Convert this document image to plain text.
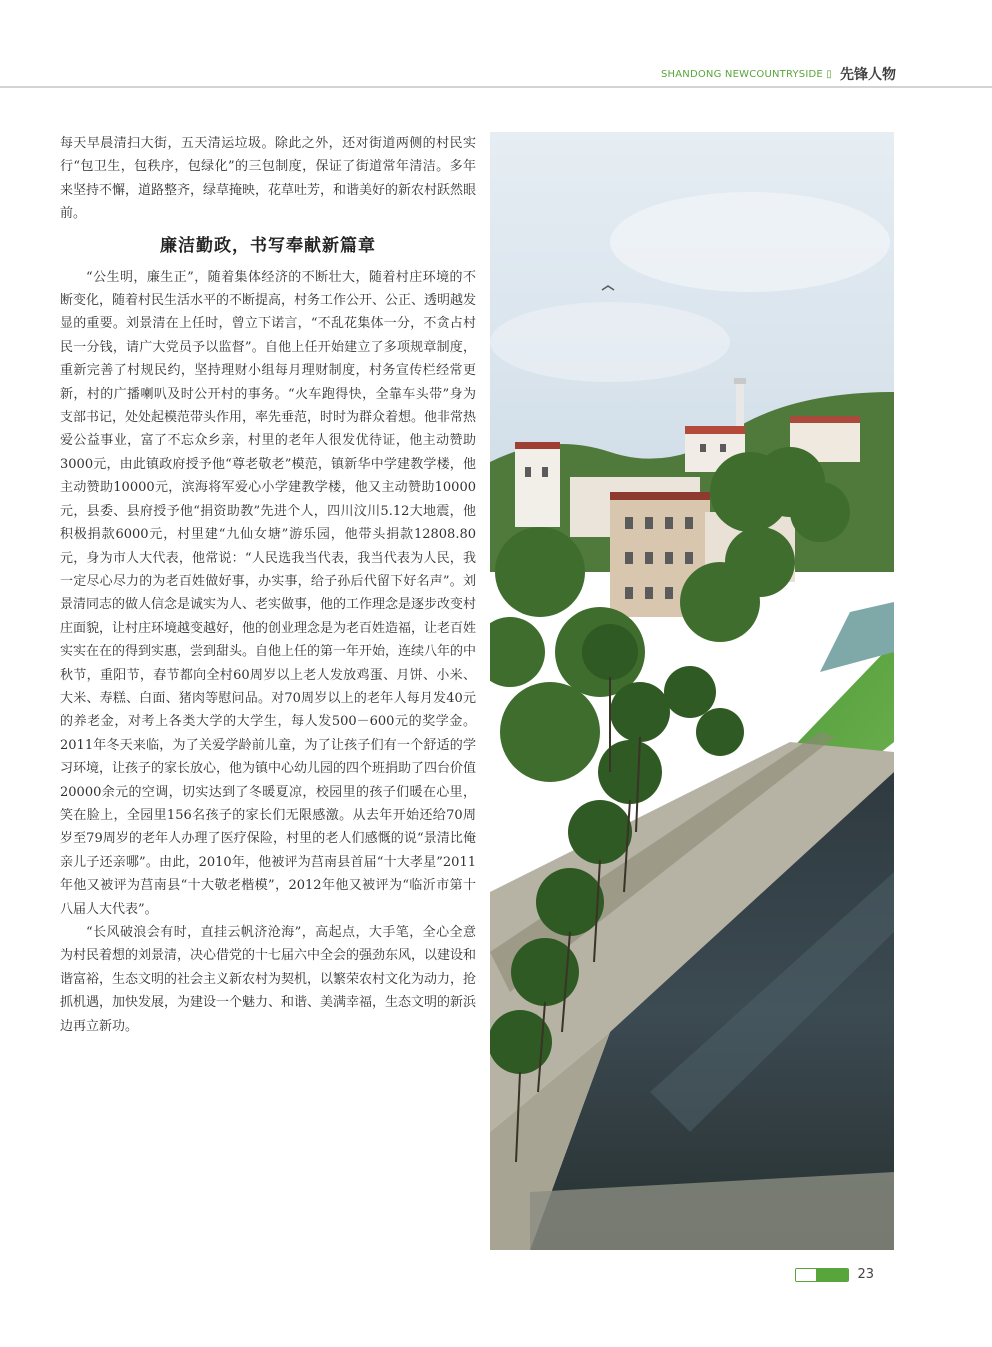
SHANDONG NEWCOUNTRYSIDE ▯ 先锋人物

每天早晨清扫大街，五天清运垃圾。除此之外，还对街道两侧的村民实行“包卫生，包秩序，包绿化”的三包制度，保证了街道常年清洁。多年来坚持不懈，道路整齐，绿草掩映，花草吐芳，和谐美好的新农村跃然眼前。

廉洁勤政，书写奉献新篇章

“公生明，廉生正”，随着集体经济的不断壮大，随着村庄环境的不断变化，随着村民生活水平的不断提高，村务工作公开、公正、透明越发显的重要。刘景清在上任时，曾立下诺言，“不乱花集体一分，不贪占村民一分钱，请广大党员予以监督”。自他上任开始建立了多项规章制度，重新完善了村规民约，坚持理财小组每月理财制度，村务宣传栏经常更新，村的广播喇叭及时公开村的事务。“火车跑得快，全靠车头带”身为支部书记，处处起模范带头作用，率先垂范，时时为群众着想。他非常热爱公益事业，富了不忘众乡亲，村里的老年人很发优待证，他主动赞助3000元，由此镇政府授予他“尊老敬老”模范，镇新华中学建教学楼，他主动赞助10000元，滨海将军爱心小学建教学楼，他又主动赞助10000元，县委、县府授予他“捐资助教”先进个人，四川汶川5.12大地震，他积极捐款6000元，村里建“九仙女塘”游乐园，他带头捐款12808.80元，身为市人大代表，他常说：“人民选我当代表，我当代表为人民，我一定尽心尽力的为老百姓做好事，办实事，给子孙后代留下好名声”。刘景清同志的做人信念是诚实为人、老实做事，他的工作理念是逐步改变村庄面貌，让村庄环境越变越好，他的创业理念是为老百姓造福，让老百姓实实在在的得到实惠，尝到甜头。自他上任的第一年开始，连续八年的中秋节，重阳节，春节都向全村60周岁以上老人发放鸡蛋、月饼、小米、大米、寿糕、白面、猪肉等慰问品。对70周岁以上的老年人每月发40元的养老金，对考上各类大学的大学生，每人发500－600元的奖学金。2011年冬天来临，为了关爱学龄前儿童，为了让孩子们有一个舒适的学习环境，让孩子的家长放心，他为镇中心幼儿园的四个班捐助了四台价值20000余元的空调，切实达到了冬暖夏凉，校园里的孩子们暖在心里，笑在脸上，全园里156名孩子的家长们无限感激。从去年开始还给70周岁至79周岁的老年人办理了医疗保险，村里的老人们感慨的说“景清比俺亲儿子还亲哪”。由此，2010年，他被评为莒南县首届“十大孝星”2011年他又被评为莒南县“十大敬老楷模”，2012年他又被评为“临沂市第十八届人大代表”。

“长风破浪会有时，直挂云帆济沧海”，高起点，大手笔，全心全意为村民着想的刘景清，决心借党的十七届六中全会的强劲东风，以建设和谐富裕，生态文明的社会主义新农村为契机，以繁荣农村文化为动力，抢抓机遇，加快发展，为建设一个魅力、和谐、美满幸福，生态文明的新浜边再立新功。

23
